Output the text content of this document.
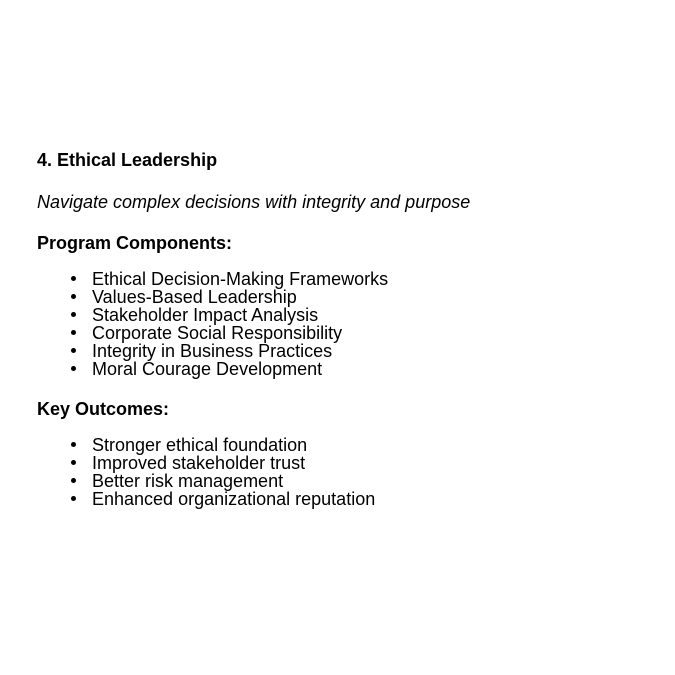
4. Ethical Leadership

Navigate complex decisions with integrity and purpose

Program Components:
Ethical Decision-Making Frameworks
Values-Based Leadership
Stakeholder Impact Analysis
Corporate Social Responsibility
Integrity in Business Practices
Moral Courage Development
Key Outcomes:
Stronger ethical foundation
Improved stakeholder trust
Better risk management
Enhanced organizational reputation
